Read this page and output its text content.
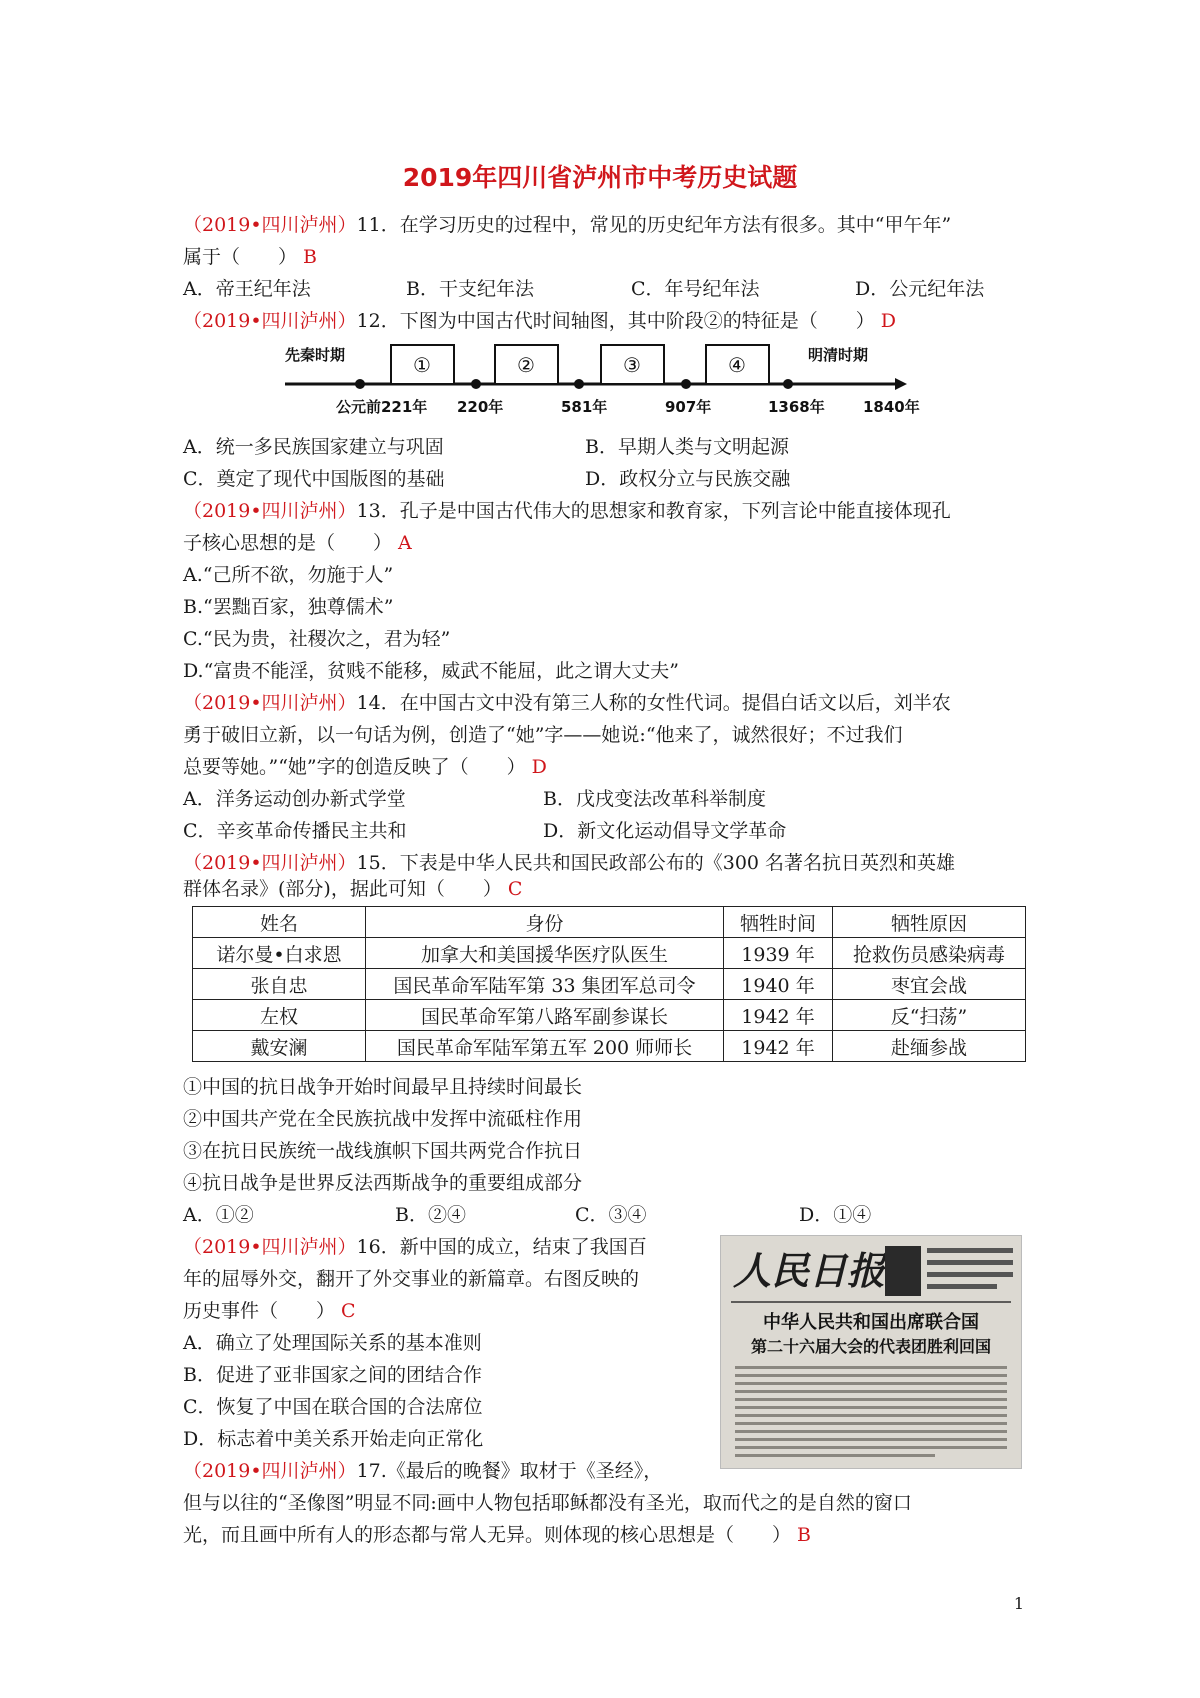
2019年四川省泸州市中考历史试题
（2019•四川泸州）11．在学习历史的过程中，常见的历史纪年方法有很多。其中“甲午年”
属于（　　） B
A．帝王纪年法	B．干支纪年法	C．年号纪年法	D．公元纪年法
（2019•四川泸州）12．下图为中国古代时间轴图，其中阶段②的特征是（　　） D
先秦时期	明清时期
①	②	③	④
公元前221年 220年	581年	907年	1368年	1840年
A．统一多民族国家建立与巩固	B．早期人类与文明起源
C．奠定了现代中国版图的基础	D．政权分立与民族交融
（2019•四川泸州）13．孔子是中国古代伟大的思想家和教育家，下列言论中能直接体现孔
子核心思想的是（　　） A
A.“己所不欲，勿施于人”
B.“罢黜百家，独尊儒术”
C.“民为贵，社稷次之，君为轻”
D.“富贵不能淫，贫贱不能移，威武不能屈，此之谓大丈夫”
（2019•四川泸州）14．在中国古文中没有第三人称的女性代词。提倡白话文以后，刘半农
勇于破旧立新，以一句话为例，创造了“她”字——她说:“他来了，诚然很好；不过我们
总要等她。”“她”字的创造反映了（　　） D
A．洋务运动创办新式学堂	B．戊戌变法改革科举制度
C．辛亥革命传播民主共和	D．新文化运动倡导文学革命
（2019•四川泸州）15．下表是中华人民共和国民政部公布的《300 名著名抗日英烈和英雄
群体名录》(部分)，据此可知（　　） C
姓名	身份	牺牲时间	牺牲原因
诺尔曼•白求恩	加拿大和美国援华医疗队医生	1939 年	抢救伤员感染病毒
张自忠	国民革命军陆军第 33 集团军总司令	1940 年	枣宜会战
左权	国民革命军第八路军副参谋长	1942 年	反“扫荡”
戴安澜	国民革命军陆军第五军 200 师师长	1942 年	赴缅参战
①中国的抗日战争开始时间最早且持续时间最长
②中国共产党在全民族抗战中发挥中流砥柱作用
③在抗日民族统一战线旗帜下国共两党合作抗日
④抗日战争是世界反法西斯战争的重要组成部分
A．①②	B．②④	C．③④	D．①④
（2019•四川泸州）16．新中国的成立，结束了我国百
年的屈辱外交，翻开了外交事业的新篇章。右图反映的
历史事件（　　） C
A．确立了处理国际关系的基本准则
B．促进了亚非国家之间的团结合作
C．恢复了中国在联合国的合法席位
D．标志着中美关系开始走向正常化
人民日报
中华人民共和国出席联合国
第二十六届大会的代表团胜利回国
（2019•四川泸州）17.《最后的晚餐》取材于《圣经》，
但与以往的“圣像图”明显不同:画中人物包括耶稣都没有圣光，取而代之的是自然的窗口
光，而且画中所有人的形态都与常人无异。则体现的核心思想是（　　） B
1
